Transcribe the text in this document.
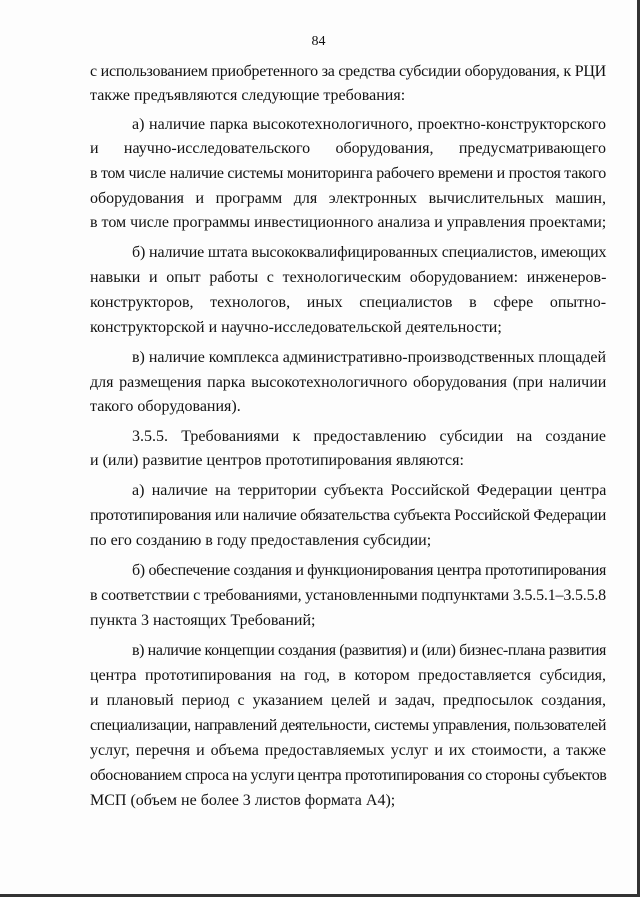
84
с использованием приобретенного за средства субсидии оборудования, к РЦИ
также предъявляются следующие требования:
а) наличие парка высокотехнологичного, проектно-конструкторского
и научно-исследовательского оборудования, предусматривающего
в том числе наличие системы мониторинга рабочего времени и простоя такого
оборудования и программ для электронных вычислительных машин,
в том числе программы инвестиционного анализа и управления проектами;
б) наличие штата высококвалифицированных специалистов, имеющих
навыки и опыт работы с технологическим оборудованием: инженеров-
конструкторов, технологов, иных специалистов в сфере опытно-
конструкторской и научно-исследовательской деятельности;
в) наличие комплекса административно-производственных площадей
для размещения парка высокотехнологичного оборудования (при наличии
такого оборудования).
3.5.5. Требованиями к предоставлению субсидии на создание
и (или) развитие центров прототипирования являются:
а) наличие на территории субъекта Российской Федерации центра
прототипирования или наличие обязательства субъекта Российской Федерации
по его созданию в году предоставления субсидии;
б) обеспечение создания и функционирования центра прототипирования
в соответствии с требованиями, установленными подпунктами 3.5.5.1–3.5.5.8
пункта 3 настоящих Требований;
в) наличие концепции создания (развития) и (или) бизнес-плана развития
центра прототипирования на год, в котором предоставляется субсидия,
и плановый период с указанием целей и задач, предпосылок создания,
специализации, направлений деятельности, системы управления, пользователей
услуг, перечня и объема предоставляемых услуг и их стоимости, а также
обоснованием спроса на услуги центра прототипирования со стороны субъектов
МСП (объем не более 3 листов формата А4);
